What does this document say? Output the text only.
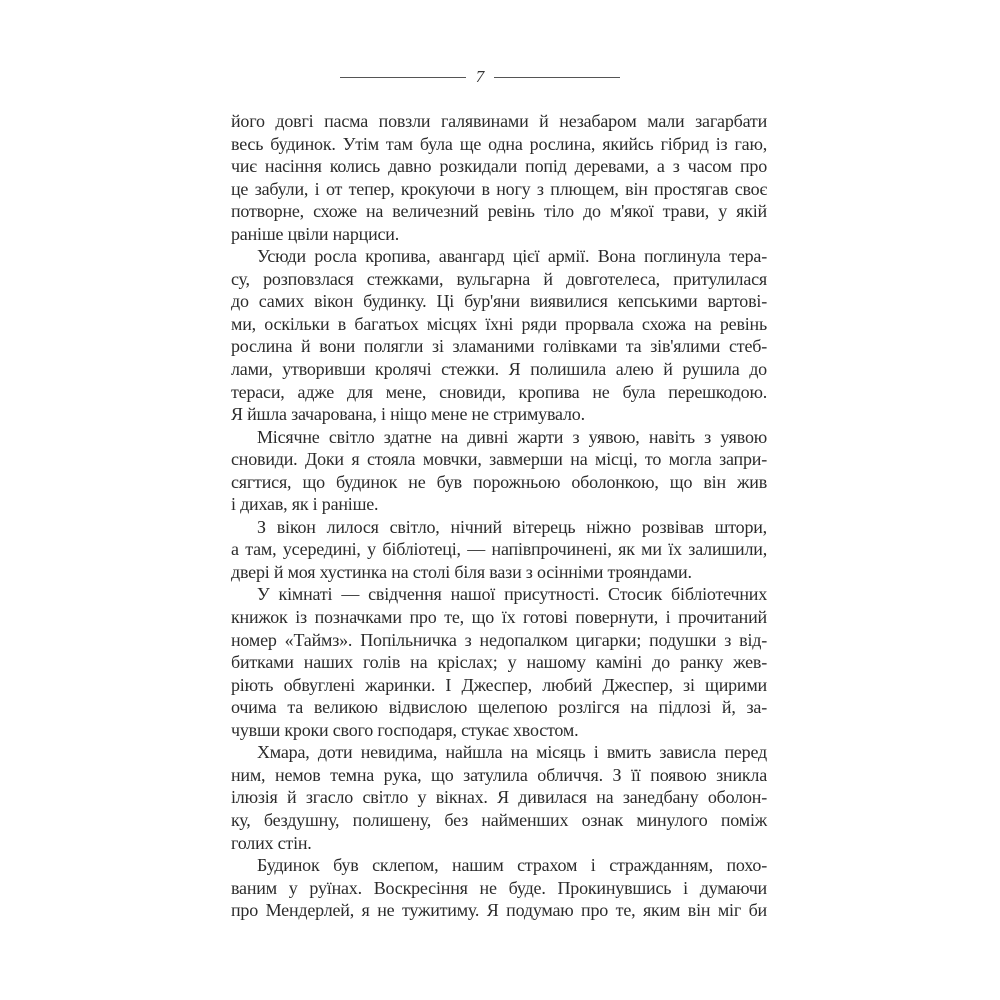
7
його довгі пасма повзли галявинами й незабаром мали загарбати
весь будинок. Утім там була ще одна рослина, якийсь гібрид із гаю,
чиє насіння колись давно розкидали попід деревами, а з часом про
це забули, і от тепер, крокуючи в ногу з плющем, він простягав своє
потворне, схоже на величезний ревінь тіло до м'якої трави, у якій
раніше цвіли нарциси.
Усюди росла кропива, авангард цієї армії. Вона поглинула тера-
су, розповзлася стежками, вульгарна й довготелеса, притулилася
до самих вікон будинку. Ці бур'яни виявилися кепськими вартові-
ми, оскільки в багатьох місцях їхні ряди прорвала схожа на ревінь
рослина й вони полягли зі зламаними голівками та зів'ялими стеб-
лами, утворивши кролячі стежки. Я полишила алею й рушила до
тераси, адже для мене, сновиди, кропива не була перешкодою.
Я йшла зачарована, і ніщо мене не стримувало.
Місячне світло здатне на дивні жарти з уявою, навіть з уявою
сновиди. Доки я стояла мовчки, завмерши на місці, то могла запри-
сягтися, що будинок не був порожньою оболонкою, що він жив
і дихав, як і раніше.
З вікон лилося світло, нічний вітерець ніжно розвівав штори,
а там, усередині, у бібліотеці, — напівпрочинені, як ми їх залишили,
двері й моя хустинка на столі біля вази з осінніми трояндами.
У кімнаті — свідчення нашої присутності. Стосик бібліотечних
книжок із позначками про те, що їх готові повернути, і прочитаний
номер «Таймз». Попільничка з недопалком цигарки; подушки з від-
битками наших голів на кріслах; у нашому каміні до ранку жев-
ріють обвуглені жаринки. І Джеспер, любий Джеспер, зі щирими
очима та великою відвислою щелепою розлігся на підлозі й, за-
чувши кроки свого господаря, стукає хвостом.
Хмара, доти невидима, найшла на місяць і вмить зависла перед
ним, немов темна рука, що затулила обличчя. З її появою зникла
ілюзія й згасло світло у вікнах. Я дивилася на занедбану оболон-
ку, бездушну, полишену, без найменших ознак минулого поміж
голих стін.
Будинок був склепом, нашим страхом і стражданням, похо-
ваним у руїнах. Воскресіння не буде. Прокинувшись і думаючи
про Мендерлей, я не тужитиму. Я подумаю про те, яким він міг би
